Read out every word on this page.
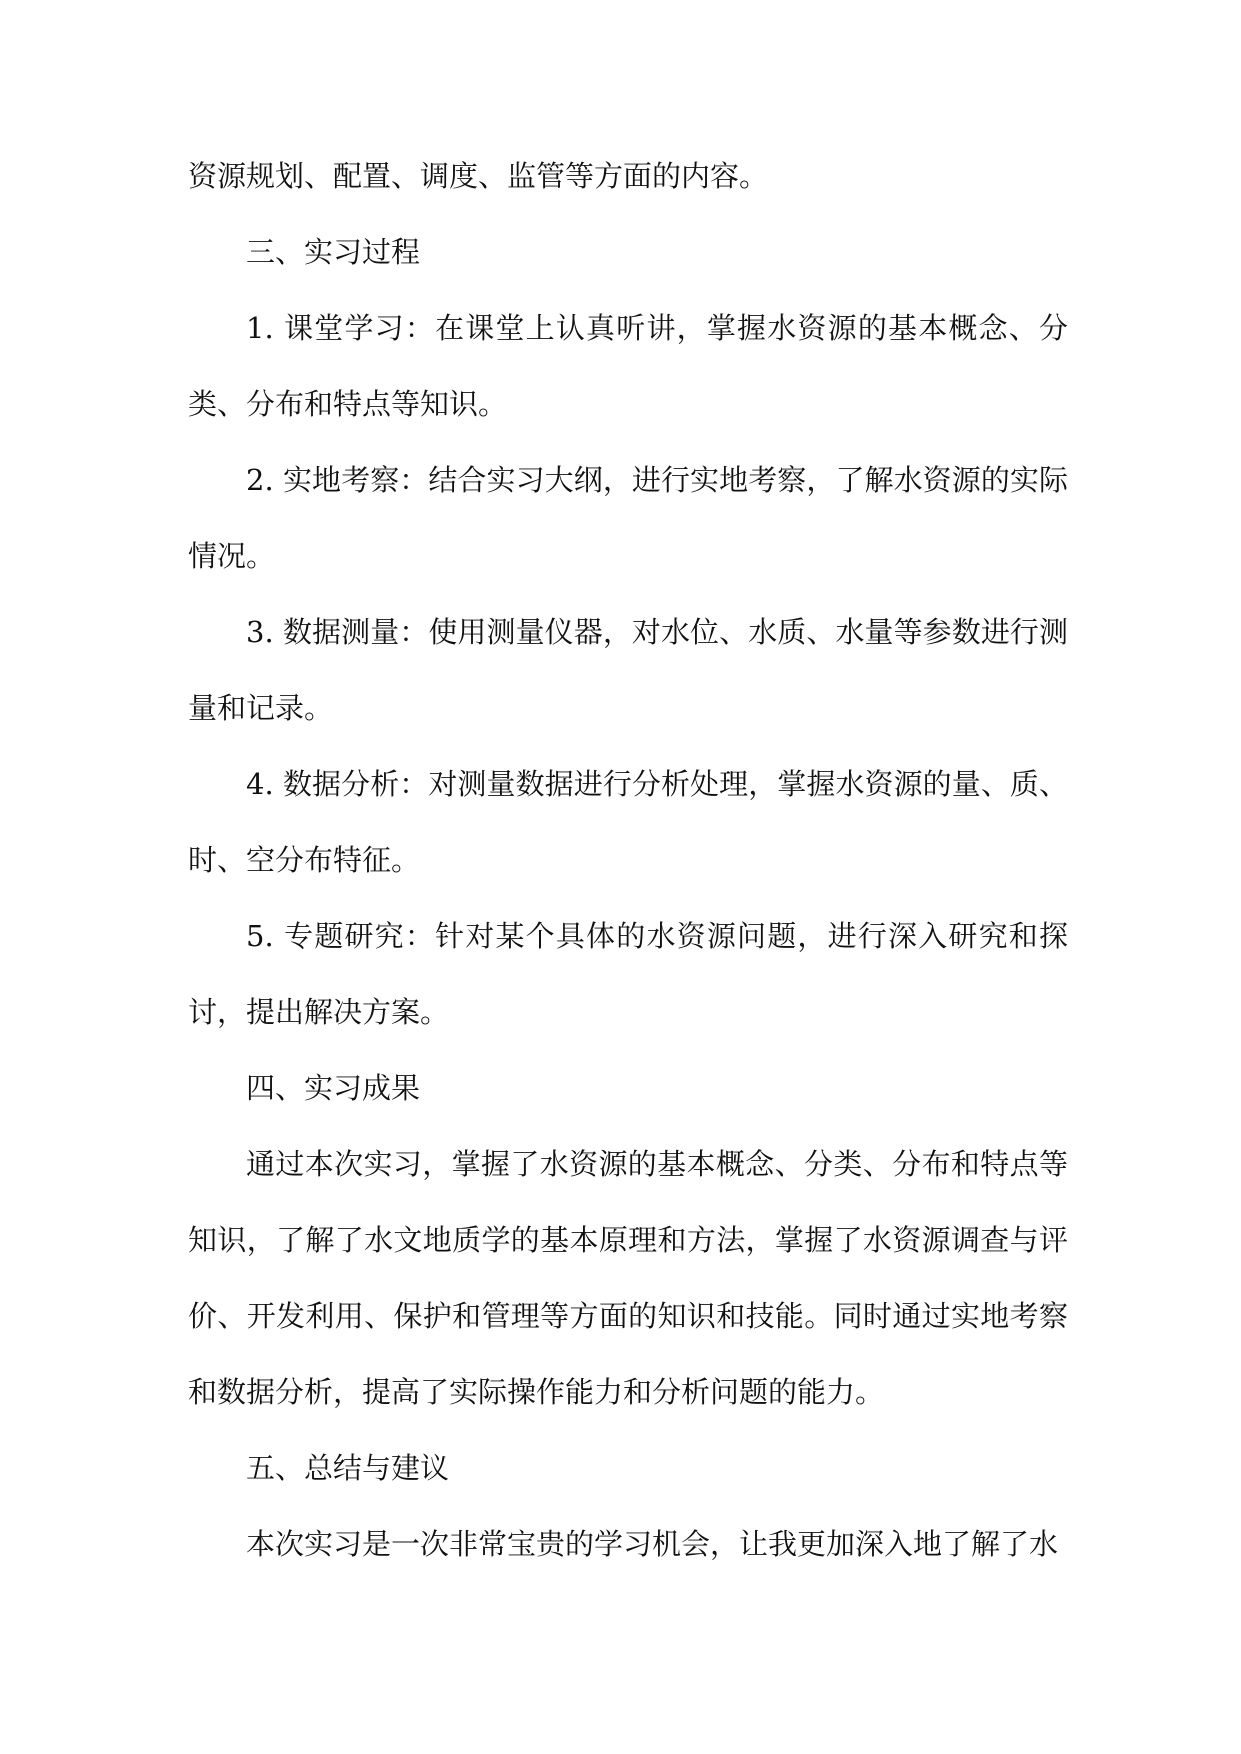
资源规划、配置、调度、监管等方面的内容。

三、实习过程

1. 课堂学习：在课堂上认真听讲，掌握水资源的基本概念、分类、分布和特点等知识。

2. 实地考察：结合实习大纲，进行实地考察，了解水资源的实际情况。

3. 数据测量：使用测量仪器，对水位、水质、水量等参数进行测量和记录。

4. 数据分析：对测量数据进行分析处理，掌握水资源的量、质、时、空分布特征。

5. 专题研究：针对某个具体的水资源问题，进行深入研究和探讨，提出解决方案。

四、实习成果

通过本次实习，掌握了水资源的基本概念、分类、分布和特点等知识，了解了水文地质学的基本原理和方法，掌握了水资源调查与评价、开发利用、保护和管理等方面的知识和技能。同时通过实地考察和数据分析，提高了实际操作能力和分析问题的能力。

五、总结与建议

本次实习是一次非常宝贵的学习机会，让我更加深入地了解了水
